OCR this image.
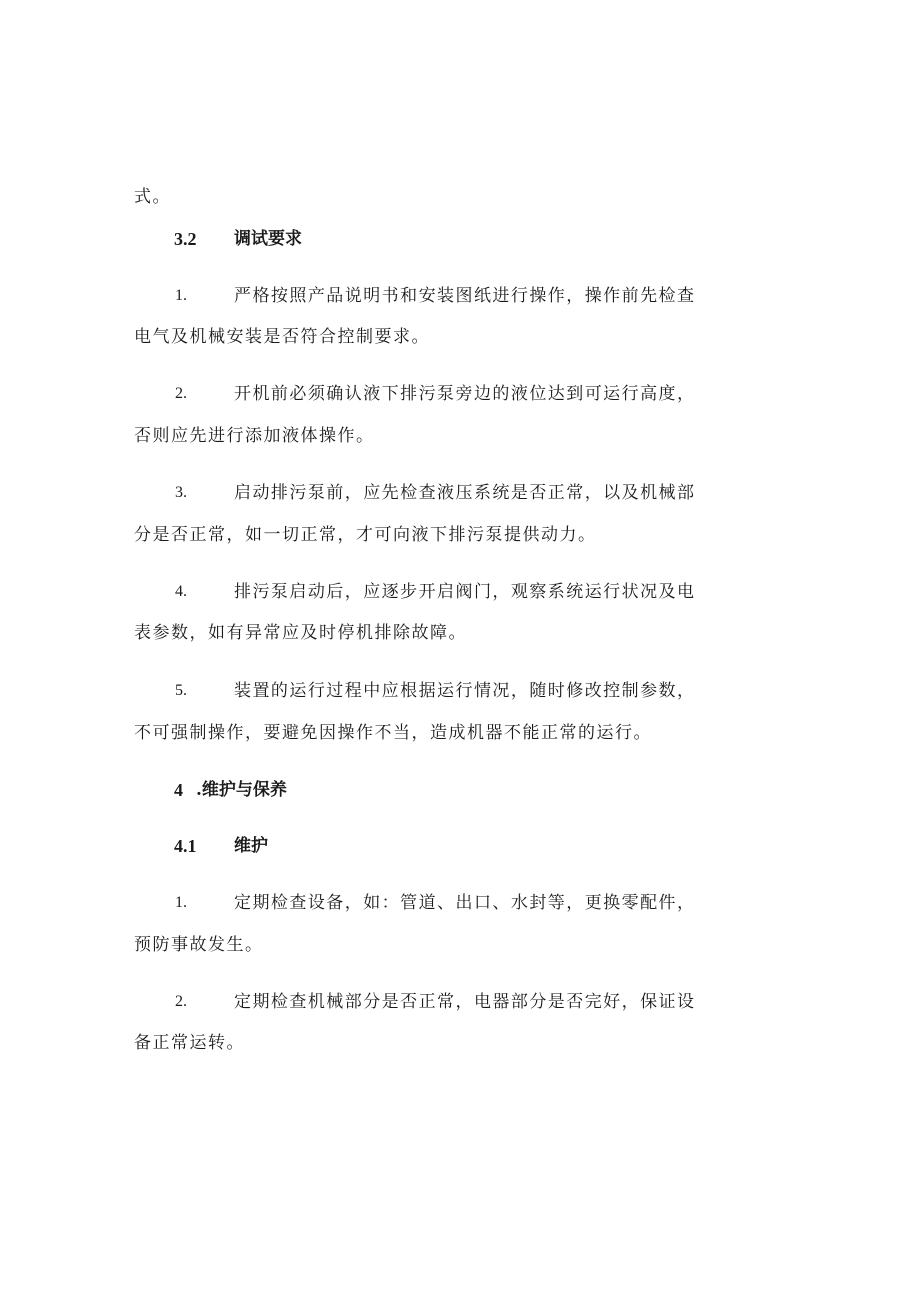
式。
3.2 调试要求
1.	严格按照产品说明书和安装图纸进行操作，操作前先检查
电气及机械安装是否符合控制要求。
2.	开机前必须确认液下排污泵旁边的液位达到可运行高度，
否则应先进行添加液体操作。
3.	启动排污泵前，应先检查液压系统是否正常，以及机械部
分是否正常，如一切正常，才可向液下排污泵提供动力。
4.	排污泵启动后，应逐步开启阀门，观察系统运行状况及电
表参数，如有异常应及时停机排除故障。
5.	装置的运行过程中应根据运行情况，随时修改控制参数，
不可强制操作，要避免因操作不当，造成机器不能正常的运行。
4 .维护与保养
4.1 维护
1.	定期检查设备，如：管道、出口、水封等，更换零配件，
预防事故发生。
2.	定期检查机械部分是否正常，电器部分是否完好，保证设
备正常运转。
